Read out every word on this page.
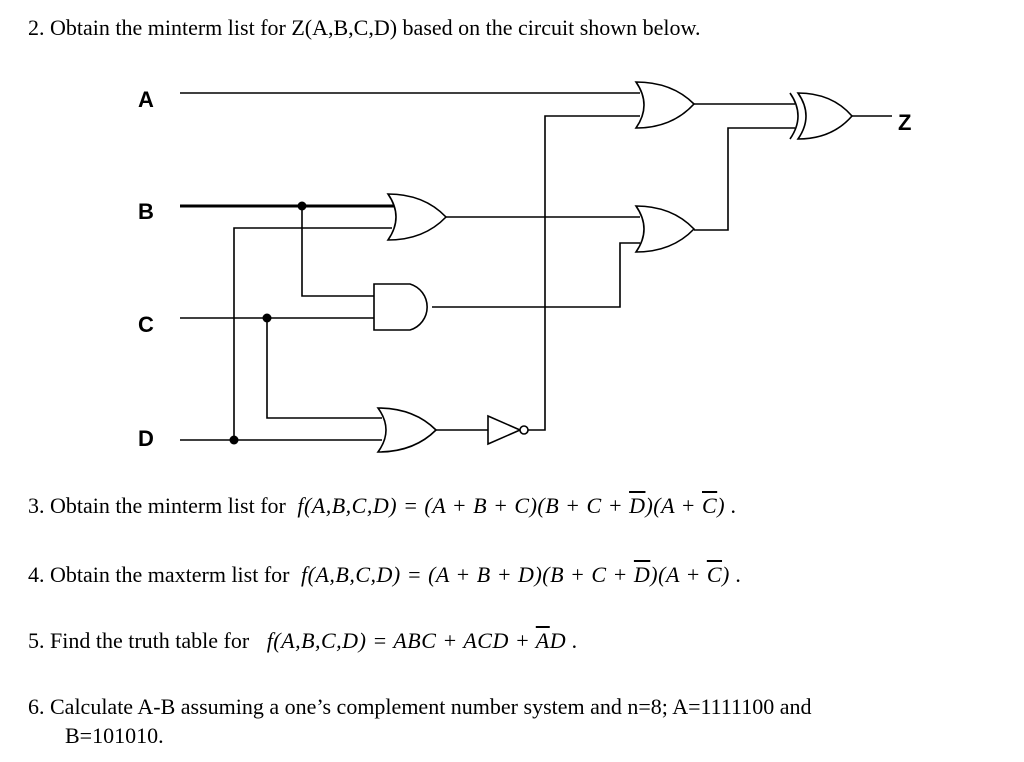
2. Obtain the minterm list for Z(A,B,C,D) based on the circuit shown below.
A
B
C
D
Z
3. Obtain the minterm list for $f(A,B,C,D) = (A + B + C)(B + C + \overline{D})(A + \overline{C})$ .
4. Obtain the maxterm list for $f(A,B,C,D) = (A + B + D)(B + C + \overline{D})(A + \overline{C})$ .
5. Find the truth table for f(A,B,C,D) = ABC + ACD + $\overline{A}D$ .
6. Calculate A-B assuming a one’s complement number system and n=8; A=1111100 and
B=101010.
